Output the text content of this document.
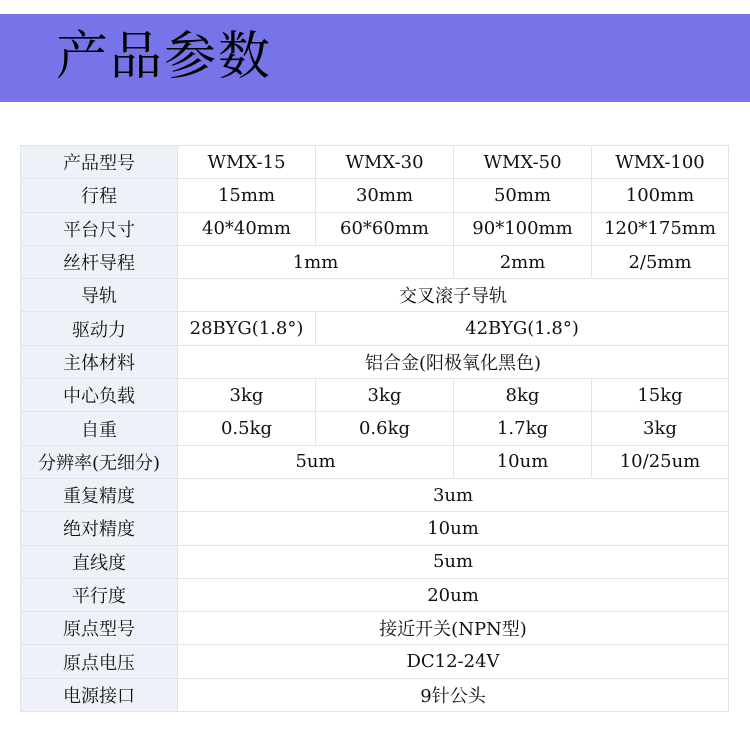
产品参数
产品型号	WMX-15	WMX-30	WMX-50	WMX-100
行程	15mm	30mm	50mm	100mm
平台尺寸	40*40mm	60*60mm	90*100mm	120*175mm
丝杆导程	1mm		2mm	2/5mm
导轨	交叉滚子导轨			
驱动力	28BYG(1.8°)	42BYG(1.8°)		
主体材料	铝合金(阳极氧化黑色)			
中心负载	3kg	3kg	8kg	15kg
自重	0.5kg	0.6kg	1.7kg	3kg
分辨率(无细分)	5um		10um	10/25um
重复精度	3um			
绝对精度	10um			
直线度	5um			
平行度	20um			
原点型号	接近开关(NPN型)			
原点电压	DC12-24V			
电源接口	9针公头			
